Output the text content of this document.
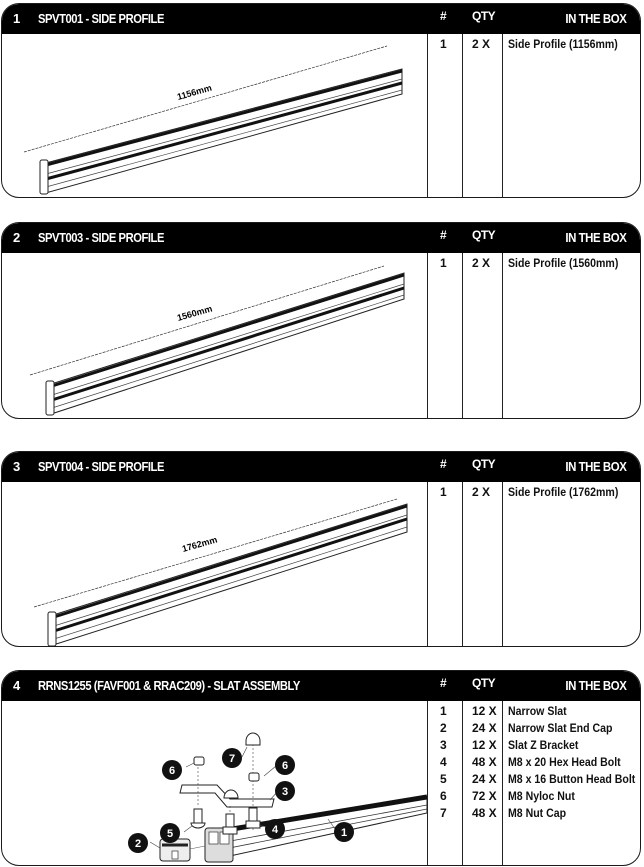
1 SPVT001 - SIDE PROFILE	# QTY	IN THE BOX
1156mm
1	2 X	Side Profile (1156mm)
2 SPVT003 - SIDE PROFILE	# QTY	IN THE BOX
1560mm
1	2 X	Side Profile (1560mm)
3 SPVT004 - SIDE PROFILE	# QTY	IN THE BOX
1762mm
1	2 X	Side Profile (1762mm)
4 RRNS1255 (FAVF001 & RRAC209) - SLAT ASSEMBLY	# QTY	IN THE BOX
6
7
6
3
5	4	1
2
1	12 X Narrow Slat
2	24 X Narrow Slat End Cap
3	12 X Slat Z Bracket
4	48 X M8 x 20 Hex Head Bolt
5	24 X M8 x 16 Button Head Bolt
6	72 X M8 Nyloc Nut
7	48 X M8 Nut Cap
